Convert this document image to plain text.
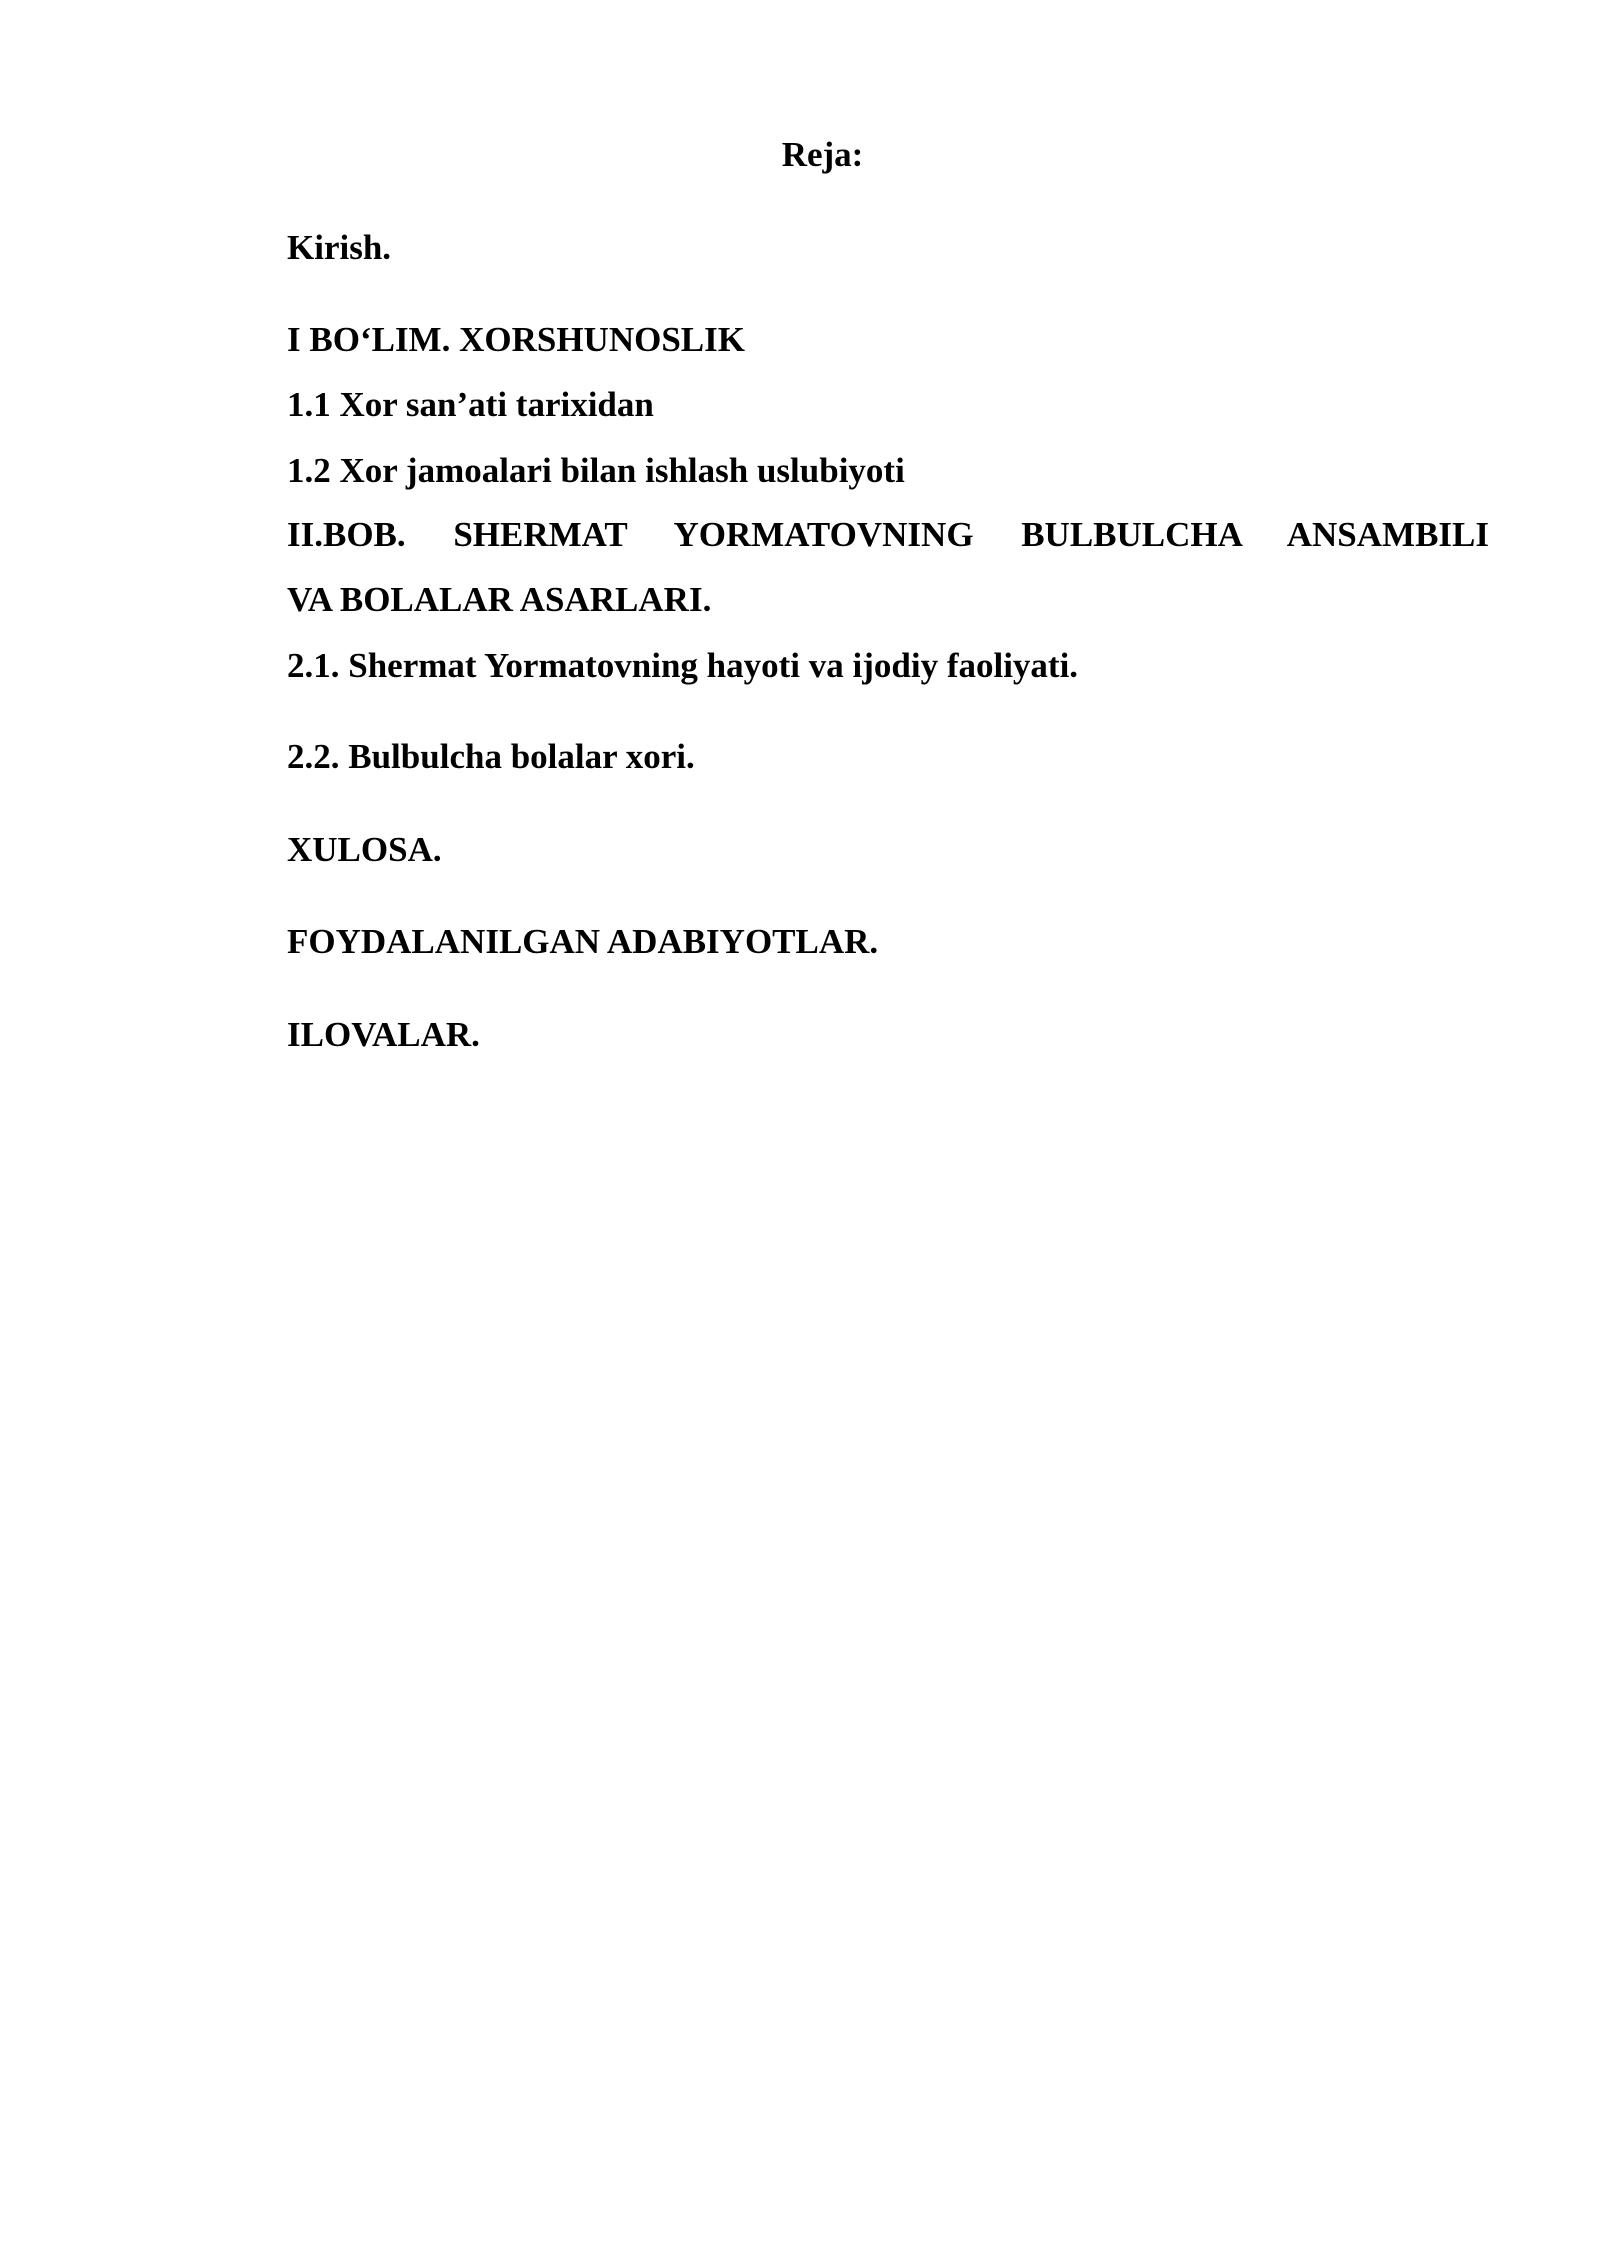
Reja:

Kirish.

I BO‘LIM. XORSHUNOSLIK

1.1 Xor san’ati tarixidan

1.2 Xor jamoalari bilan ishlash uslubiyoti

II.BOB. SHERMAT YORMATOVNING BULBULCHA ANSAMBILI

VA BOLALAR ASARLARI.

2.1. Shermat Yormatovning hayoti va ijodiy faoliyati.

2.2. Bulbulcha bolalar xori.

XULOSA.

FOYDALANILGAN ADABIYOTLAR.

ILOVALAR.
